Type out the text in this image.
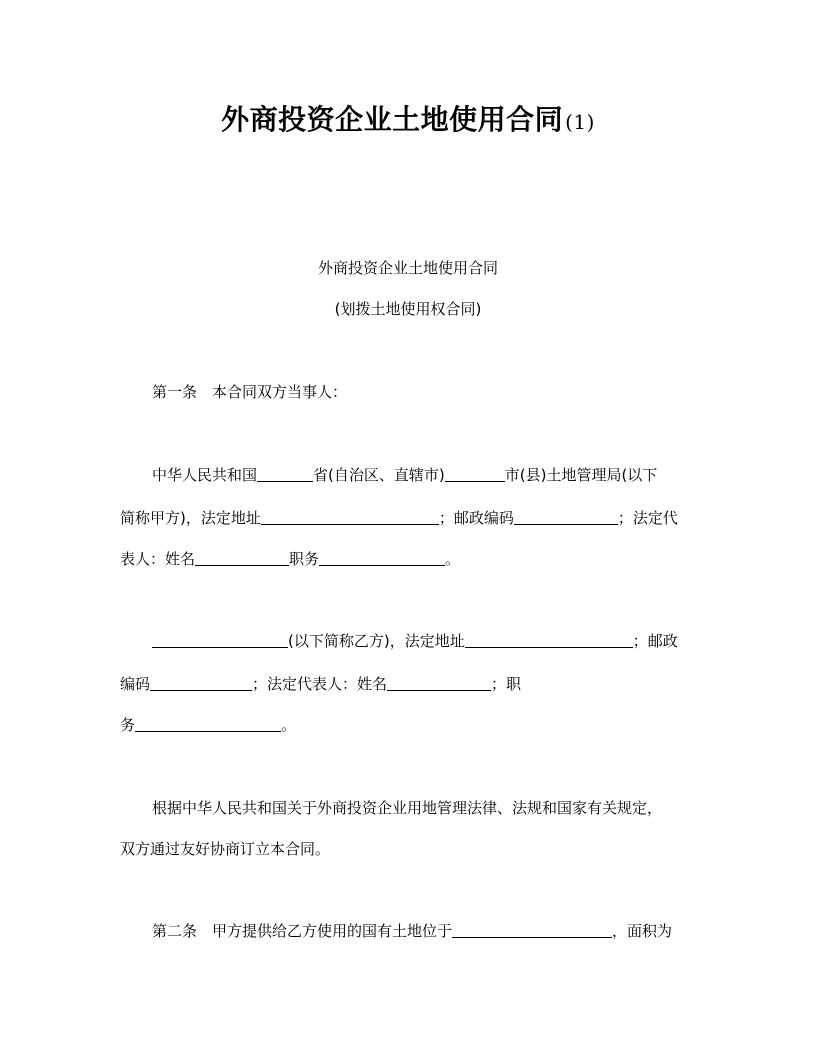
外商投资企业土地使用合同 (1)
外商投资企业土地使用合同
(划拨土地使用权合同)
第一条　本合同双方当事人：
中华人民共和国	省(自治区、直辖市)	市(县)土地管理局(以下
简称甲方)，法定地址	；邮政编码	；法定代
表人：姓名	职务	。
(以下简称乙方)，法定地址	；邮政
编码	；法定代表人：姓名	；职
务	。
根据中华人民共和国关于外商投资企业用地管理法律、法规和国家有关规定，
双方通过友好协商订立本合同。
第二条　甲方提供给乙方使用的国有土地位于	，面积为
